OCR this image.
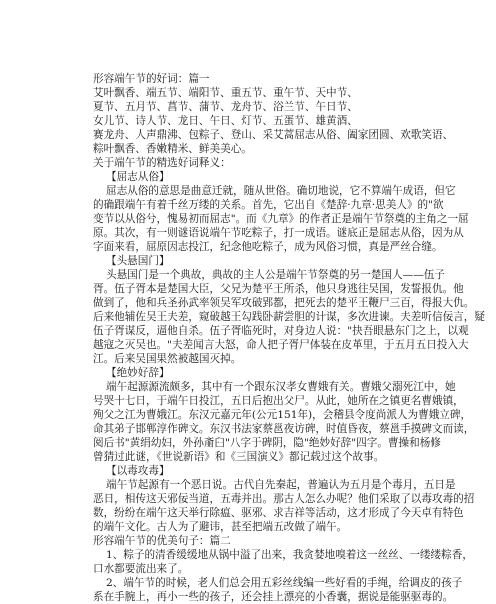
形容端午节的好词：篇一
艾叶飘香、端五节、端阳节、重五节、重午节、天中节、
夏节、五月节、菖节、蒲节、龙舟节、浴兰节、午日节、
女儿节、诗人节、龙日、午日、灯节、五蛋节、雄黄酒、
赛龙舟、人声鼎沸、包粽子、登山、采艾蒿屈志从俗、阖家团圆、欢歌笑语、
粽叶飘香、香嫩精米、鲜美美心。
关于端午节的精选好词释义：
【屈志从俗】
屈志从俗的意思是曲意迁就，随从世俗。确切地说，它不算端午成语，但它
的确跟端午有着千丝万缕的关系。首先，它出自《楚辞·九章·思美人》的"欲
变节以从俗兮，愧易初而屈志"。而《九章》的作者正是端午节祭奠的主角之一屈
原。其次，有一则谜语说端午节吃粽子，打一成语。谜底正是屈志从俗，因为从
字面来看，屈原因志投江，纪念他吃粽子，成为风俗习惯，真是严丝合缝。
【头悬国门】
头悬国门是一个典故，典故的主人公是端午节祭奠的另一楚国人——伍子
胥。伍子胥本是楚国大臣，父兄为楚平王所杀，他只身逃往吴国，发誓报仇。他
做到了，他和兵圣孙武率领吴军攻破郢都，把死去的楚平王鞭尸三百，得报大仇。
后来他辅佐吴王夫差，窥破越王勾践卧薪尝胆的计谋，多次进谏。夫差听信佞言，疑
伍子胥谋反，逼他自杀。伍子胥临死时，对身边人说："抉吾眼悬东门之上，以观
越寇之灭吴也。"夫差闻言大怒，命人把子胥尸体装在皮革里，于五月五日投入大
江。后来吴国果然被越国灭掉。
【绝妙好辞】
端午起源源流颇多，其中有一个跟东汉孝女曹娥有关。曹娥父溺死江中，她
号哭十七日，于端午日投江，五日后抱出父尸。从此，她所在之镇更名曹娥镇，
殉父之江为曹娥江。东汉元嘉元年(公元151年)，会稽县令度尚派人为曹娥立碑，
命其弟子邯郸淳作碑文。东汉书法家蔡邕夜访碑，时值昏夜，蔡邕手摸碑文而读，
阅后书"黄绢幼妇，外孙齑臼"八字于碑阴，隐"绝妙好辞"四字。曹操和杨修
曾猜过此谜，《世说新语》和《三国演义》都记载过这个故事。
【以毒攻毒】
端午节起源有一个恶日说。古代自先秦起，普遍认为五月是个毒月，五日是
恶日，相传这天邪佞当道，五毒并出。那古人怎么办呢？他们采取了以毒攻毒的招
数，纷纷在端午这天举行除瘟、驱邪、求吉祥等活动，这才形成了今天卓有特色
的端午文化。古人为了避讳，甚至把端五改做了端午。
形容端午节的优美句子：篇二
1、粽子的清香缓缓地从锅中溢了出来，我贪婪地嗅着这一丝丝、一缕缕粽香，
口水都要流出来了。
2、端午节的时候，老人们总会用五彩丝线编一些好看的手绳，给调皮的孩子
系在手腕上，再小一些的孩子，还会挂上漂亮的小香囊，据说是能驱驱毒的。
